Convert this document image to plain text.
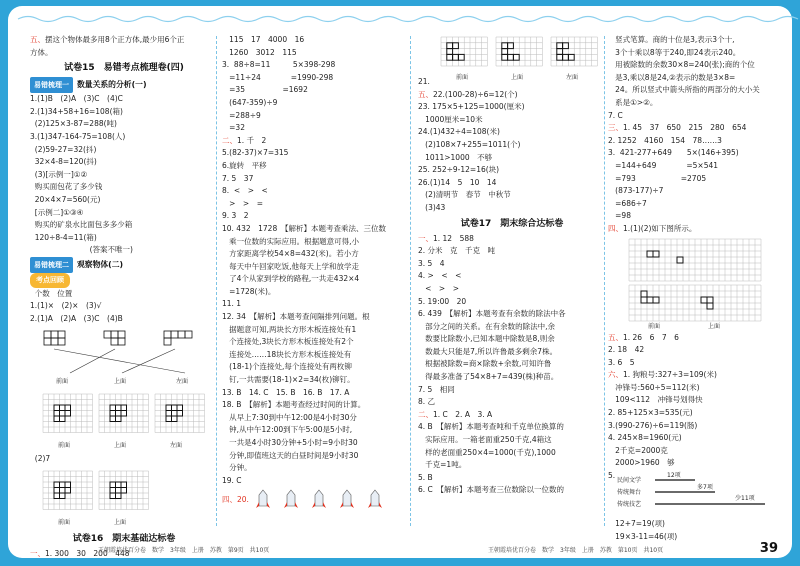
五、摆这个物体最多用8个正方体,最少用6个正
方体。
试卷15　易错考点梳理卷(四)
易错梳理一 数量关系的分析(一)
1.(1)B　(2)A　(3)C　(4)C
2.(1)34+58+16=108(箱)
(2)125×3-87=288(吨)
3.(1)347-164-75=108(人)
(2)59-27=32(抖)
32×4-8=120(抖)
(3)[示例一]①②
购买面包花了多少钱
20×4×7=560(元)
[示例二]①③④
购买的矿泉水比面包多多少箱
120÷8-4=11(箱)
(答案不唯一)
易错梳理二 观察物体(二)
考点回顾
个数　位置
1.(1)×　(2)×　(3)√
2.(1)A　(2)A　(3)C　(4)B
前面	上面	左面
前面	上面	左面
(2)7
前面	上面
试卷16　期末基础达标卷
一、1. 300　30　200　448
115　17　4000　16
1260　3012　115
3.  88÷8=11　　　5×398-298
=11÷24　　　　=1990-298
=35　　　　　=1692
(647-359)÷9
=288÷9
=32
二、1. 千　2
5.(82-37)×7=315
6.旋转　平移
7. 5　37
8.  <　>　<
>　>　=
9. 3　2
10. 432　1728　【解析】本题考查乘法、三位数
乘一位数的实际应用。根据题意可得,小
方家距离学校54×8=432(米)。若小方
每天中午回家吃饭,他每天上学和放学走
了4个从家到学校的路程,一共走432×4
=1728(米)。
11. 1
12. 34　【解析】本题考查间隔排列问题。根
据题意可知,两块长方形木板连接处有1
个连接处,3块长方形木板连接处有2个
连接处……18块长方形木板连接处有
(18-1)个连接处,每个连接处有两枚铆
钉,一共需要(18-1)×2=34(枚)铆钉。
13. B　14. C　15. B　16. B　17. A
18. B　【解析】本题考查经过时间的计算。
从早上7:30到中午12:00是4小时30分
钟,从中午12:00到下午5:00是5小时,
一共是4小时30分钟+5小时=9小时30
分钟,即值班这天的白昼时间是9小时30
分钟。
19. C
四、20.
21.	前面	上面	左面
五、22.(100-28)÷6=12(个)
23. 175×5+125=1000(厘米)
1000厘米=10米
24.(1)432÷4=108(米)
(2)108×7+255=1011(个)
1011>1000　不够
25. 252÷9-12=16(块)
26.(1)14　5　10　14
(2)清明节　春节　中秋节
(3)43
试卷17　期末综合达标卷
一、1. 12　588
2. 分米　克　千克　吨
3. 5　4
4. >　<　<
<　>　>
5. 19:00　20
6. 439　【解析】本题考查有余数的除法中各
部分之间的关系。在有余数的除法中,余
数要比除数小,已知本题中除数是8,则余
数最大只能是7,所以许鲁最多剩余7株。
根据被除数=商×除数+余数,可知许鲁
得最多准备了54×8+7=439(株)种苗。
7. 5　相同
8. 乙
二、1. C　2. A　3. A
4. B　【解析】本题考查吨和千克单位换算的
实际应用。一箱老面重250千克,4箱这
样的老面重250×4=1000(千克),1000
千克=1吨。
5. B
6. C　【解析】本题考查三位数除以一位数的
竖式笔算。商的十位是3,表示3个十,
3个十乘以8等于240,即24表示240。
用被除数的余数30×8=240(张);商的个位
是3,乘以8是24,②表示的数是3×8=
24。所以竖式中箭头所指的两部分的大小关
系是①>②。
7. C
三、1. 45　37　650　215　280　654
2. 1252　4160　154　78……3
3.  421-277+649　　5×(146+395)
=144+649　　　　=5×541
=793　　　　　　=2705
(873-177)÷7
=686÷7
=98
四、1.(1)(2)如下图所示。
前面	上面
五、1. 26　6　7　6
2. 18　42
3. 6　5
六、1. 狗粮号:327÷3=109(米)
冲锋号:560÷5=112(米)
109<112　冲锋号划得快
2. 85+125×3=535(元)
3.(990-276)÷6=119(肠)
4. 245×8=1960(元)
2千克=2000克
2000>1960　够
5.
民间文学
传统舞台
传统技艺
12项
多7项
少11项
12+7=19(项)
19×3-11=46(项)
王朝霞培优百分卷　数学　3年级　上册　苏教　第9页　共10页	王朝霞培优百分卷　数学　3年级　上册　苏教　第10页　共10页	39
